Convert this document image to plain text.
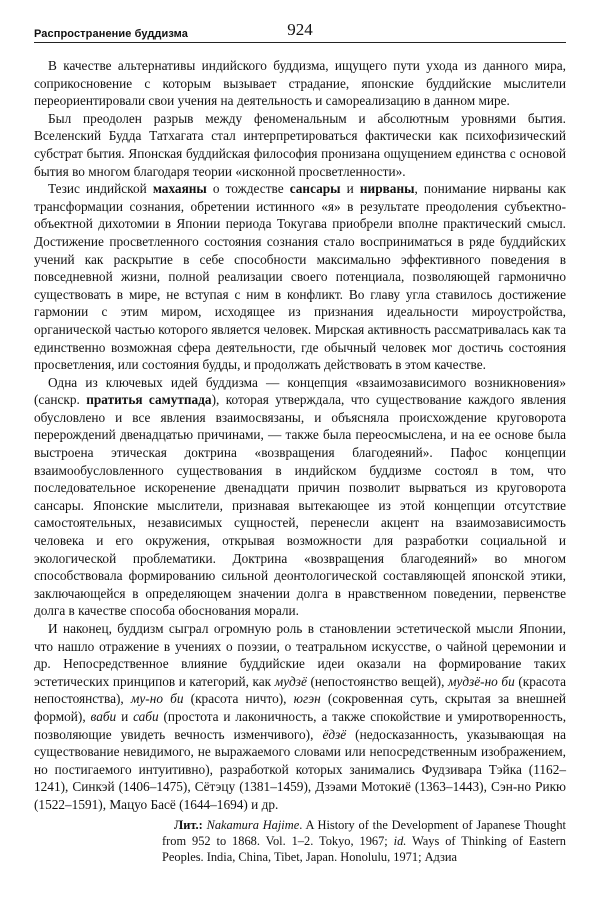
Распространение буддизма	924

В качестве альтернативы индийского буддизма, ищущего пути ухода из данного мира, соприкосновение с которым вызывает страдание, японские буддийские мыслители переориентировали свои учения на деятельность и самореализацию в данном мире.

Был преодолен разрыв между феноменальным и абсолютным уровнями бытия. Вселенский Будда Татхагата стал интерпретироваться фактически как психофизический субстрат бытия. Японская буддийская философия пронизана ощущением единства с основой бытия во многом благодаря теории «исконной просветленности».

Тезис индийской махаяны о тождестве сансары и нирваны, понимание нирваны как трансформации сознания, обретении истинного «я» в результате преодоления субъектно-объектной дихотомии в Японии периода Токугава приобрели вполне практический смысл. Достижение просветленного состояния сознания стало восприниматься в ряде буддийских учений как раскрытие в себе способности максимально эффективного поведения в повседневной жизни, полной реализации своего потенциала, позволяющей гармонично существовать в мире, не вступая с ним в конфликт. Во главу угла ставилось достижение гармонии с этим миром, исходящее из признания идеальности мироустройства, органической частью которого является человек. Мирская активность рассматривалась как та единственно возможная сфера деятельности, где обычный человек мог достичь состояния просветления, или состояния будды, и продолжать действовать в этом качестве.

Одна из ключевых идей буддизма — концепция «взаимозависимого возникновения» (санскр. пратитья самутпада), которая утверждала, что существование каждого явления обусловлено и все явления взаимосвязаны, и объясняла происхождение круговорота перерождений двенадцатью причинами, — также была переосмыслена, и на ее основе была выстроена этическая доктрина «возвращения благодеяний». Пафос концепции взаимообусловленного существования в индийском буддизме состоял в том, что последовательное искоренение двенадцати причин позволит вырваться из круговорота сансары. Японские мыслители, признавая вытекающее из этой концепции отсутствие самостоятельных, независимых сущностей, перенесли акцент на взаимозависимость человека и его окружения, открывая возможности для разработки социальной и экологической проблематики. Доктрина «возвращения благодеяний» во многом способствовала формированию сильной деонтологической составляющей японской этики, заключающейся в определяющем значении долга в нравственном поведении, первенстве долга в качестве способа обоснования морали.

И наконец, буддизм сыграл огромную роль в становлении эстетической мысли Японии, что нашло отражение в учениях о поэзии, о театральном искусстве, о чайной церемонии и др. Непосредственное влияние буддийские идеи оказали на формирование таких эстетических принципов и категорий, как мудзё (непостоянство вещей), мудзё-но би (красота непостоянства), му-но би (красота ничто), югэн (сокровенная суть, скрытая за внешней формой), ваби и саби (простота и лаконичность, а также спокойствие и умиротворенность, позволяющие увидеть вечность изменчивого), ёдзё (недосказанность, указывающая на существование невидимого, не выражаемого словами или непосредственным изображением, но постигаемого интуитивно), разработкой которых занимались Фудзивара Тэйка (1162–1241), Синкэй (1406–1475), Сётэцу (1381–1459), Дзэами Мотокиё (1363–1443), Сэн-но Рикю (1522–1591), Мацуо Басё (1644–1694) и др.

Лит.: Nakamura Hajime. A History of the Development of Japanese Thought from 952 to 1868. Vol. 1–2. Tokyo, 1967; id. Ways of Thinking of Eastern Peoples. India, China, Tibet, Japan. Honolulu, 1971; Адзиа
